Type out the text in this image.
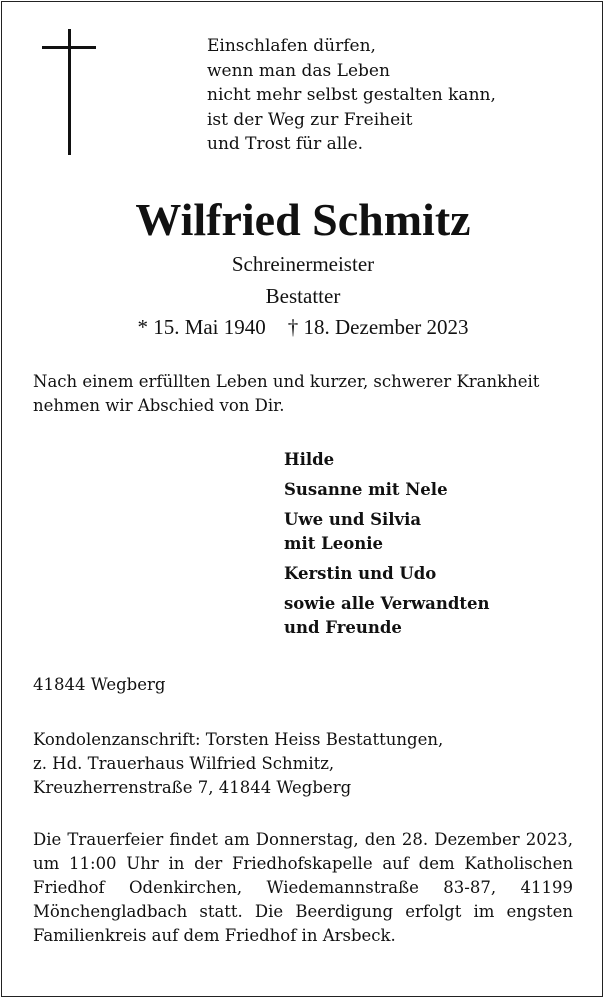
Einschlafen dürfen,
wenn man das Leben
nicht mehr selbst gestalten kann,
ist der Weg zur Freiheit
und Trost für alle.
Wilfried Schmitz
Schreinermeister
Bestatter
* 15. Mai 1940 † 18. Dezember 2023
Nach einem erfüllten Leben und kurzer, schwerer Krankheit
nehmen wir Abschied von Dir.
Hilde
Susanne mit Nele
Uwe und Silvia
mit Leonie
Kerstin und Udo
sowie alle Verwandten
und Freunde
41844 Wegberg
Kondolenzanschrift: Torsten Heiss Bestattungen,
z. Hd. Trauerhaus Wilfried Schmitz,
Kreuzherrenstraße 7, 41844 Wegberg
Die Trauerfeier findet am Donnerstag, den 28. Dezember 2023,
um 11:00 Uhr in der Friedhofskapelle auf dem Katholischen
Friedhof Odenkirchen, Wiedemannstraße 83-87, 41199
Mönchengladbach statt. Die Beerdigung erfolgt im engsten
Familienkreis auf dem Friedhof in Arsbeck.
